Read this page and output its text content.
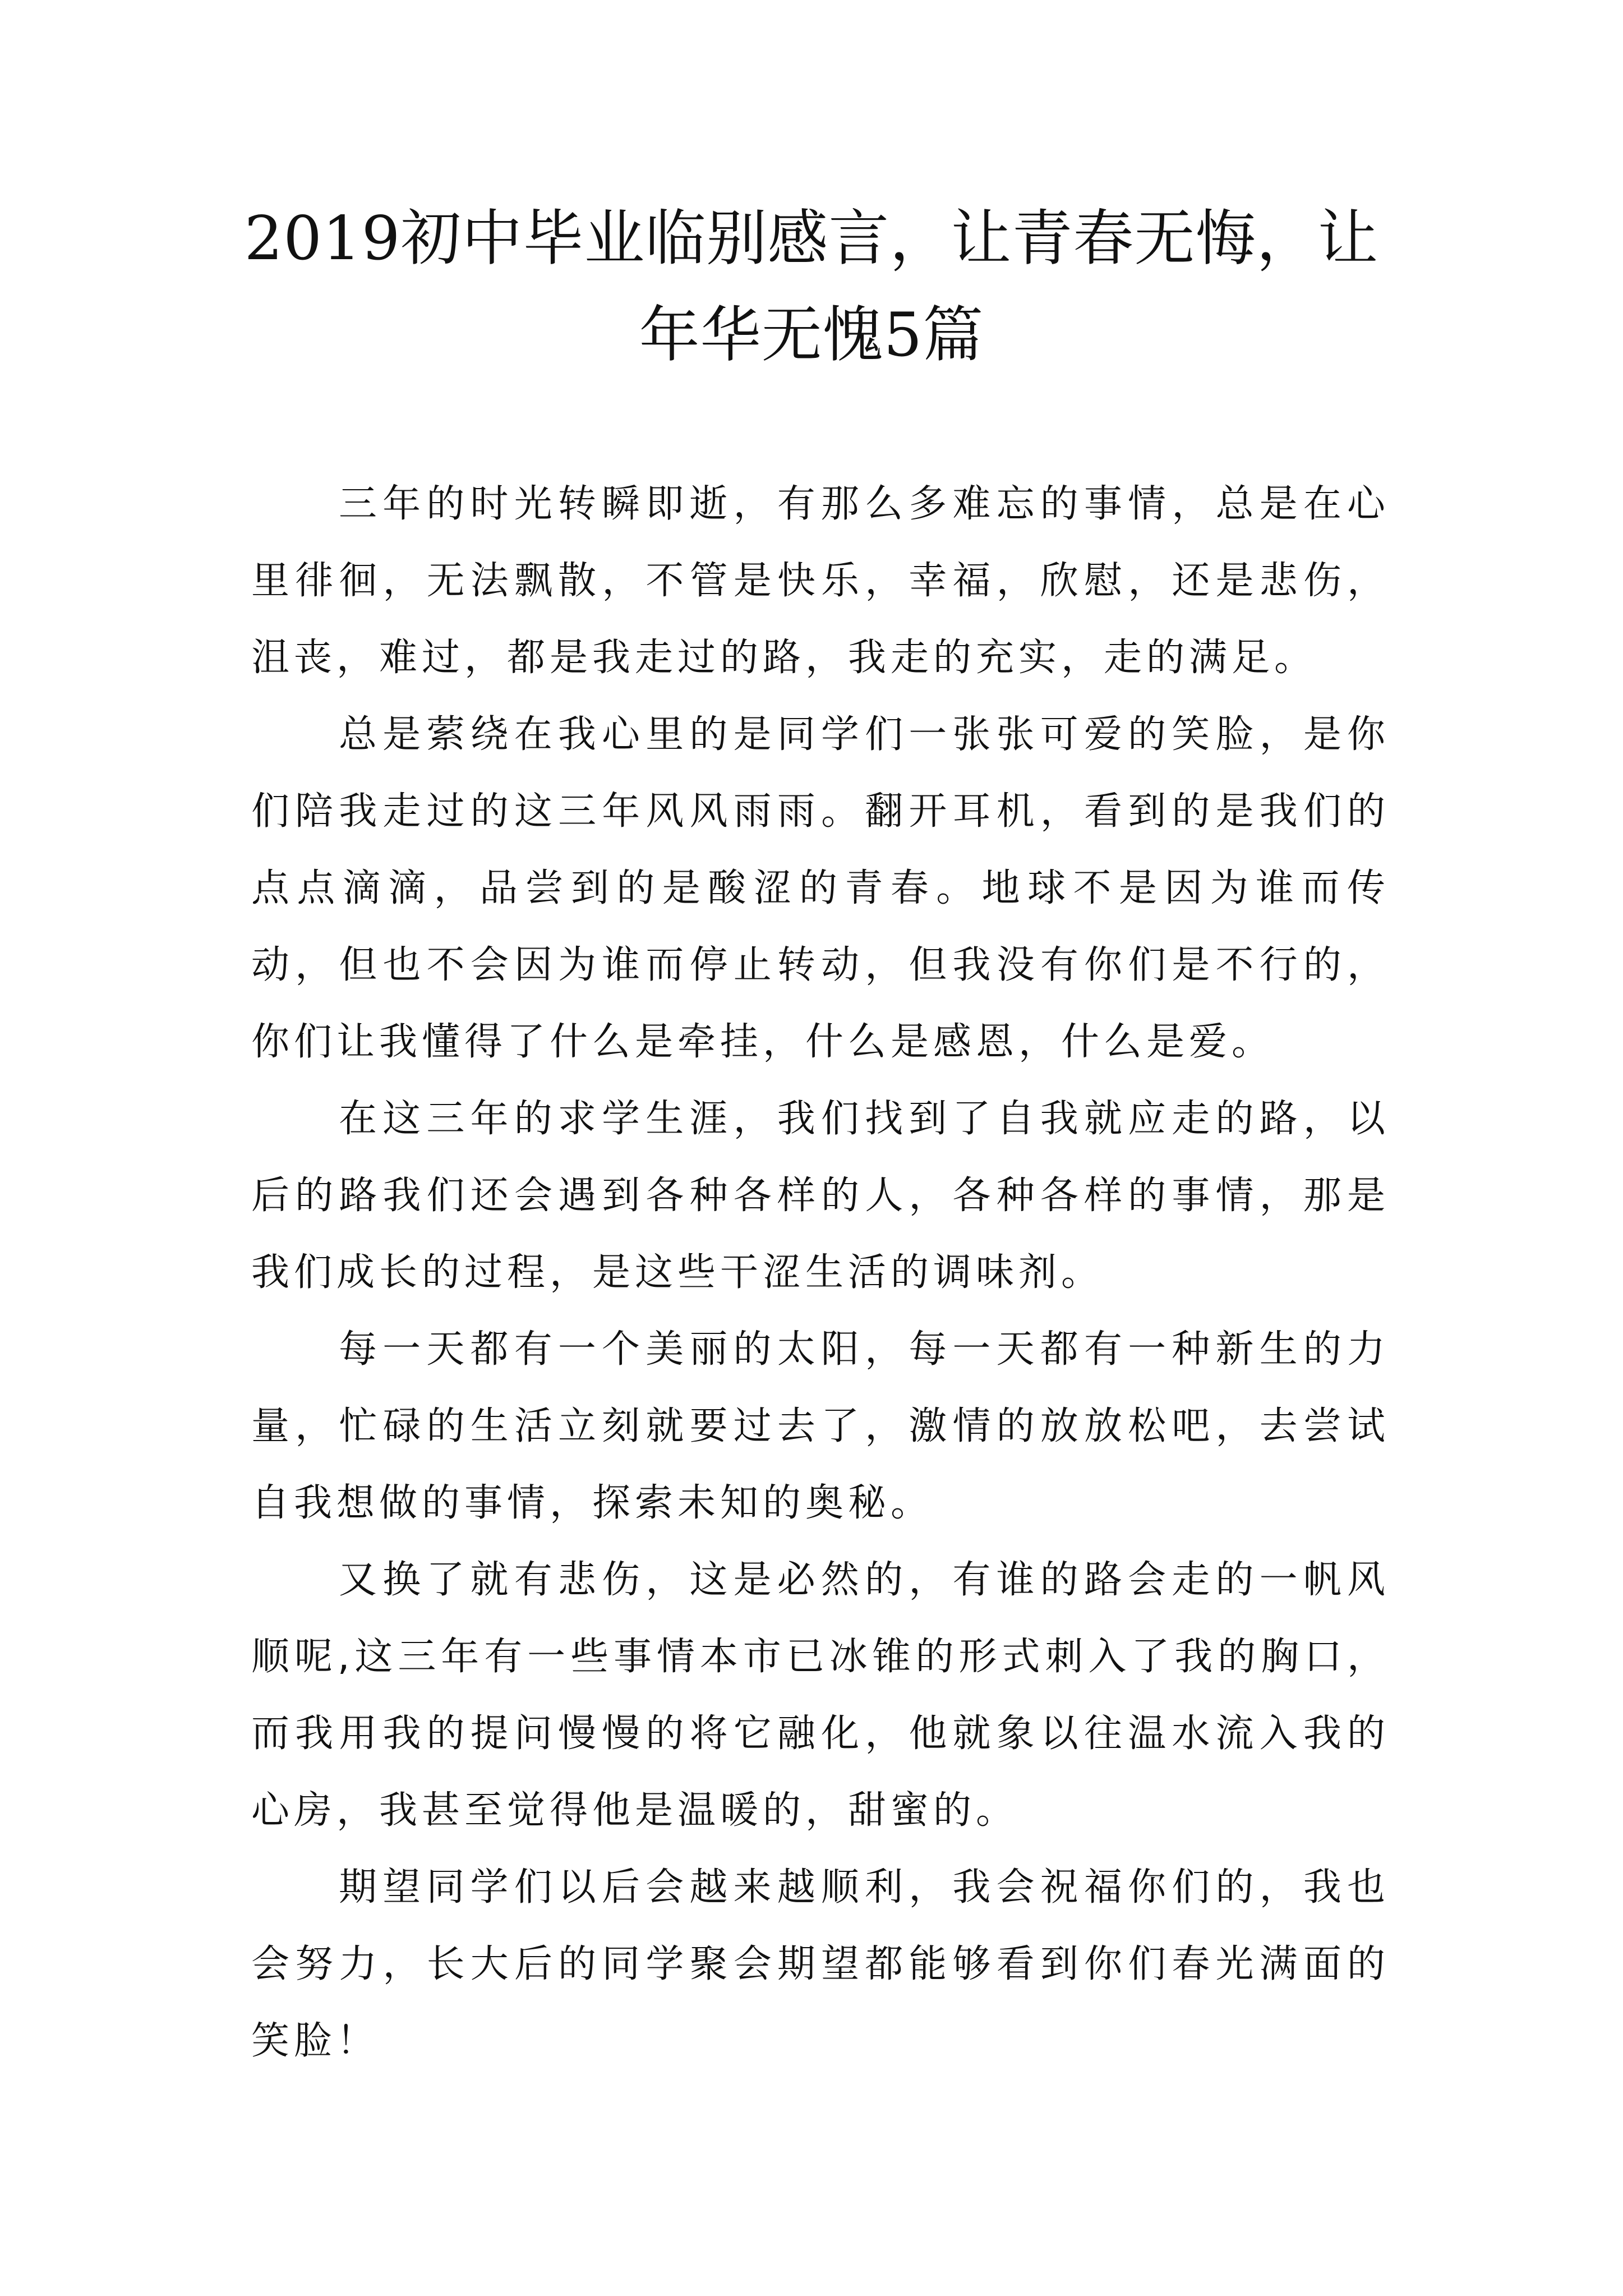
2019初中毕业临别感言，让青春无悔，让年华无愧5篇

三年的时光转瞬即逝，有那么多难忘的事情，总是在心里徘徊，无法飘散，不管是快乐，幸福，欣慰，还是悲伤，沮丧，难过，都是我走过的路，我走的充实，走的满足。

总是萦绕在我心里的是同学们一张张可爱的笑脸，是你们陪我走过的这三年风风雨雨。翻开耳机，看到的是我们的点点滴滴，品尝到的是酸涩的青春。地球不是因为谁而传动，但也不会因为谁而停止转动，但我没有你们是不行的，你们让我懂得了什么是牵挂，什么是感恩，什么是爱。

在这三年的求学生涯，我们找到了自我就应走的路，以后的路我们还会遇到各种各样的人，各种各样的事情，那是我们成长的过程，是这些干涩生活的调味剂。

每一天都有一个美丽的太阳，每一天都有一种新生的力量，忙碌的生活立刻就要过去了，激情的放放松吧，去尝试自我想做的事情，探索未知的奥秘。

又换了就有悲伤，这是必然的，有谁的路会走的一帆风顺呢,这三年有一些事情本市已冰锥的形式刺入了我的胸口，而我用我的提问慢慢的将它融化，他就象以往温水流入我的心房，我甚至觉得他是温暖的，甜蜜的。

期望同学们以后会越来越顺利，我会祝福你们的，我也会努力，长大后的同学聚会期望都能够看到你们春光满面的笑脸！
